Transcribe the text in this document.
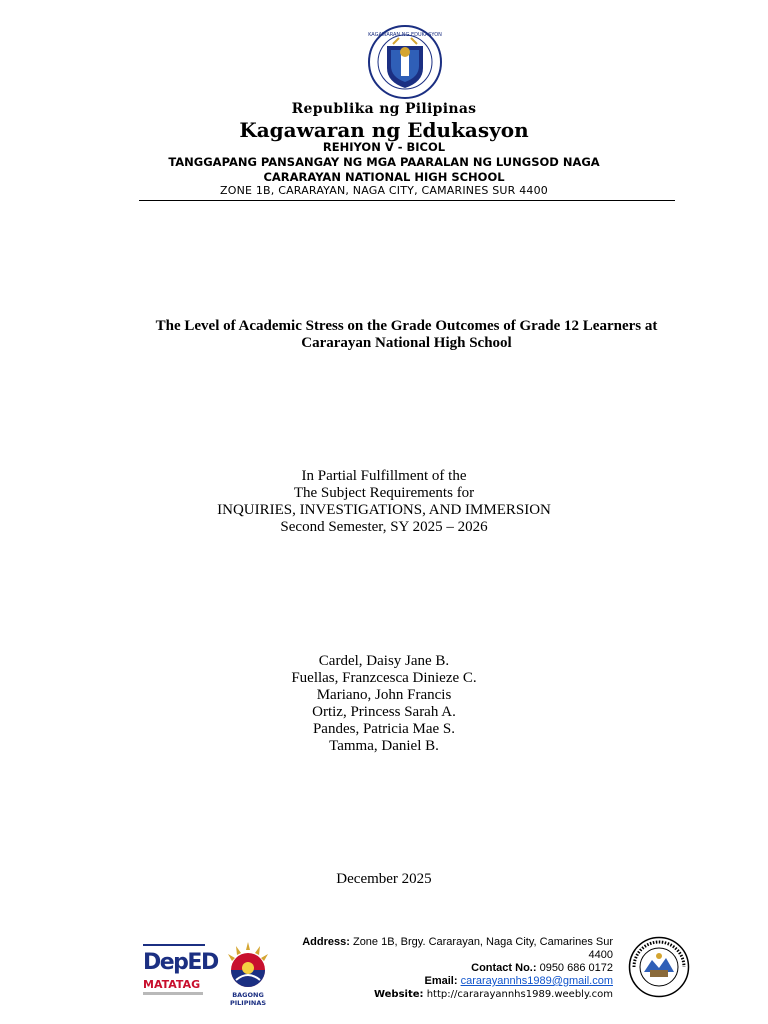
KAGAWARAN NG EDUKASYON
Republika ng Pilipinas
Kagawaran ng Edukasyon
REHIYON V - BICOL
TANGGAPANG PANSANGAY NG MGA PAARALAN NG LUNGSOD NAGA
CARARAYAN NATIONAL HIGH SCHOOL
ZONE 1B, CARARAYAN, NAGA CITY, CAMARINES SUR 4400
The Level of Academic Stress on the Grade Outcomes of Grade 12 Learners at
Cararayan National High School
In Partial Fulfillment of the
The Subject Requirements for
INQUIRIES, INVESTIGATIONS, AND IMMERSION
Second Semester, SY 2025 – 2026
Cardel, Daisy Jane B.
Fuellas, Franzcesca Dinieze C.
Mariano, John Francis
Ortiz, Princess Sarah A.
Pandes, Patricia Mae S.
Tamma, Daniel B.
December 2025
DepED
MATATAG
BAGONG PILIPINAS
Address: Zone 1B, Brgy. Cararayan, Naga City, Camarines Sur
4400
Contact No.: 0950 686 0172
Email: cararayannhs1989@gmail.com
Website: http://cararayannhs1989.weebly.com
